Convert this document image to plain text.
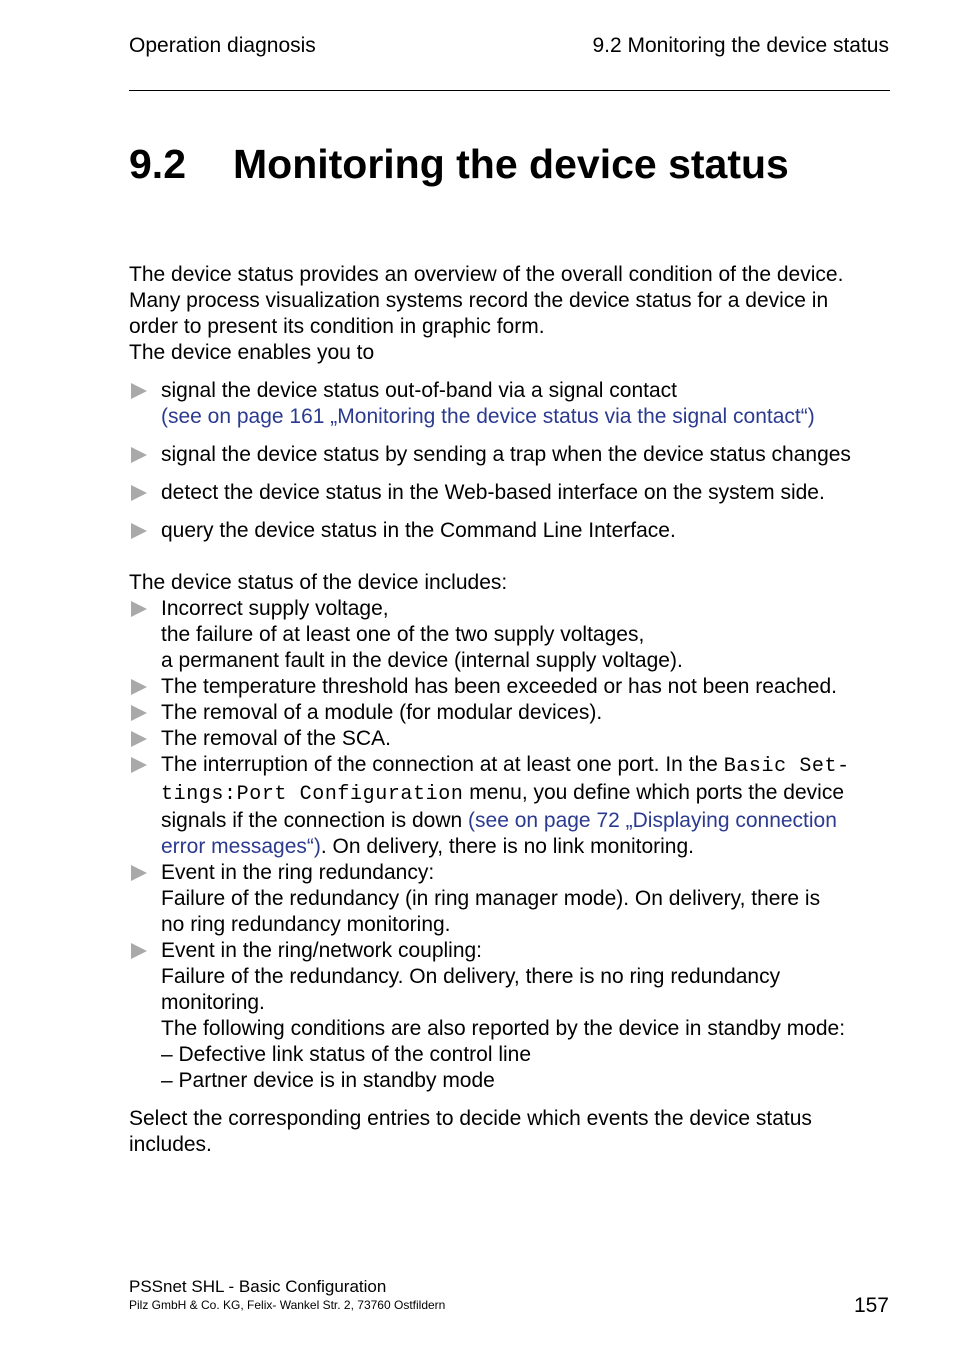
Operation diagnosis	9.2 Monitoring the device status
9.2 Monitoring the device status

The device status provides an overview of the overall condition of the device.
Many process visualization systems record the device status for a device in
order to present its condition in graphic form.
The device enables you to

signal the device status out-of-band via a signal contact
(see on page 161 „Monitoring the device status via the signal contact“)
signal the device status by sending a trap when the device status changes
detect the device status in the Web-based interface on the system side.
query the device status in the Command Line Interface.

The device status of the device includes:

Incorrect supply voltage,
the failure of at least one of the two supply voltages,
a permanent fault in the device (internal supply voltage).
The temperature threshold has been exceeded or has not been reached.
The removal of a module (for modular devices).
The removal of the SCA.
The interruption of the connection at at least one port. In the Basic Set-
tings:Port Configuration menu, you define which ports the device
signals if the connection is down (see on page 72 „Displaying connection
error messages“). On delivery, there is no link monitoring.
Event in the ring redundancy:
Failure of the redundancy (in ring manager mode). On delivery, there is
no ring redundancy monitoring.
Event in the ring/network coupling:
Failure of the redundancy. On delivery, there is no ring redundancy
monitoring.
The following conditions are also reported by the device in standby mode:
– Defective link status of the control line
– Partner device is in standby mode

Select the corresponding entries to decide which events the device status
includes.

PSSnet SHL - Basic Configuration
Pilz GmbH & Co. KG, Felix- Wankel Str. 2, 73760 Ostfildern	157
